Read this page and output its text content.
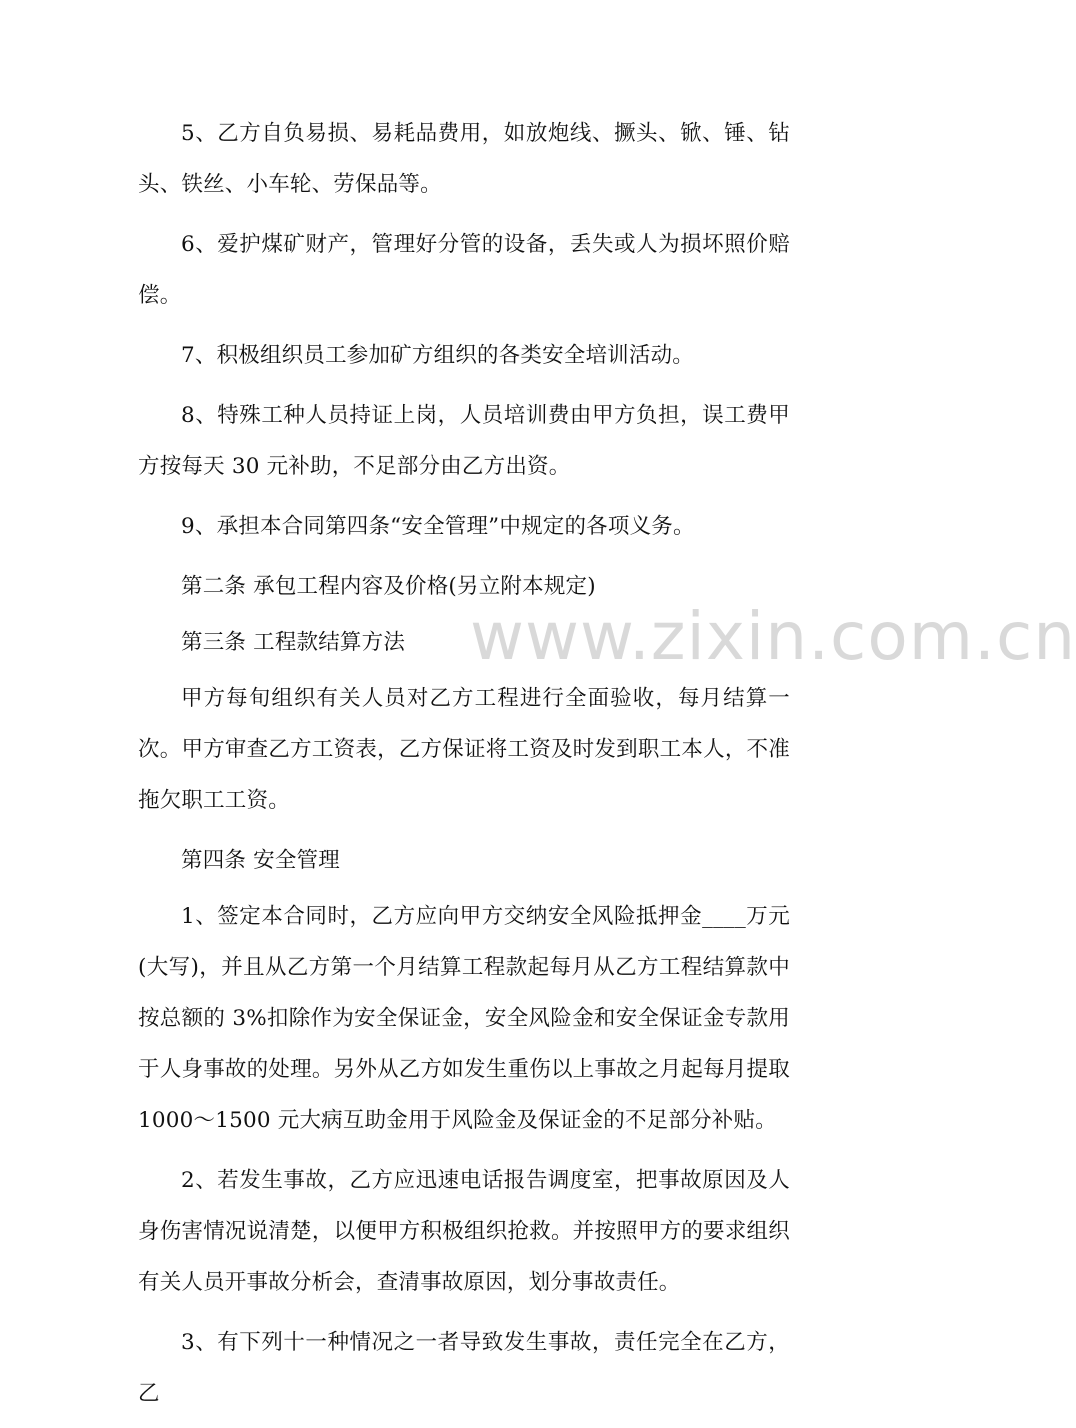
www.zixin.com.cn

5、乙方自负易损、易耗品费用，如放炮线、撅头、锨、锤、钻头、铁丝、小车轮、劳保品等。

6、爱护煤矿财产，管理好分管的设备，丢失或人为损坏照价赔偿。

7、积极组织员工参加矿方组织的各类安全培训活动。

8、特殊工种人员持证上岗，人员培训费由甲方负担，误工费甲方按每天 30 元补助，不足部分由乙方出资。

9、承担本合同第四条“安全管理”中规定的各项义务。

第二条 承包工程内容及价格(另立附本规定)

第三条 工程款结算方法

甲方每旬组织有关人员对乙方工程进行全面验收，每月结算一次。甲方审查乙方工资表，乙方保证将工资及时发到职工本人，不准拖欠职工工资。

第四条 安全管理

1、签定本合同时，乙方应向甲方交纳安全风险抵押金____万元(大写)，并且从乙方第一个月结算工程款起每月从乙方工程结算款中按总额的 3%扣除作为安全保证金，安全风险金和安全保证金专款用于人身事故的处理。另外从乙方如发生重伤以上事故之月起每月提取1000～1500 元大病互助金用于风险金及保证金的不足部分补贴。

2、若发生事故，乙方应迅速电话报告调度室，把事故原因及人身伤害情况说清楚，以便甲方积极组织抢救。并按照甲方的要求组织有关人员开事故分析会，查清事故原因，划分事故责任。

3、有下列十一种情况之一者导致发生事故，责任完全在乙方，乙
